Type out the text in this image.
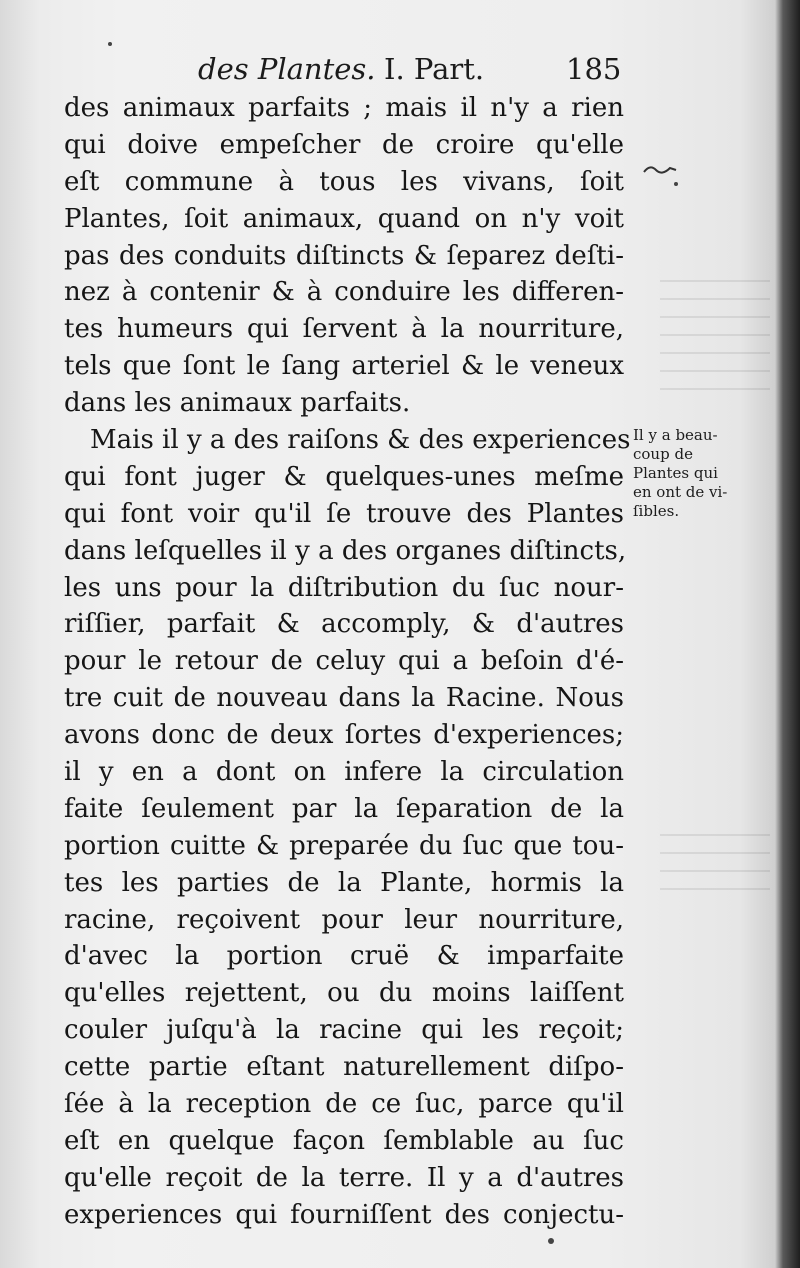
des Plantes. I. Part.	185
des animaux parfaits ; mais il n'y a rien
qui doive empeſcher de croire qu'elle
eſt commune à tous les vivans, ſoit
Plantes, ſoit animaux, quand on n'y voit
pas des conduits diſtincts & ſeparez deſti-
nez à contenir & à conduire les differen-
tes humeurs qui ſervent à la nourriture,
tels que ſont le ſang arteriel & le veneux
dans les animaux parfaits.
Mais il y a des raiſons & des experiences
qui font juger & quelques-unes meſme
qui font voir qu'il ſe trouve des Plantes
dans leſquelles il y a des organes diſtincts,
les uns pour la diſtribution du ſuc nour-
riſſier, parfait & accomply, & d'autres
pour le retour de celuy qui a beſoin d'é-
tre cuit de nouveau dans la Racine. Nous
avons donc de deux ſortes d'experiences;
il y en a dont on infere la circulation
faite ſeulement par la ſeparation de la
portion cuitte & preparée du ſuc que tou-
tes les parties de la Plante, hormis la
racine, reçoivent pour leur nourriture,
d'avec la portion cruë & imparfaite
qu'elles rejettent, ou du moins laiſſent
couler juſqu'à la racine qui les reçoit;
cette partie eſtant naturellement diſpo-
ſée à la reception de ce ſuc, parce qu'il
eſt en quelque façon ſemblable au ſuc
qu'elle reçoit de la terre. Il y a d'autres
experiences qui fourniſſent des conjectu-
Il y a beau-
coup de
Plantes qui
en ont de vi-
ſibles.
